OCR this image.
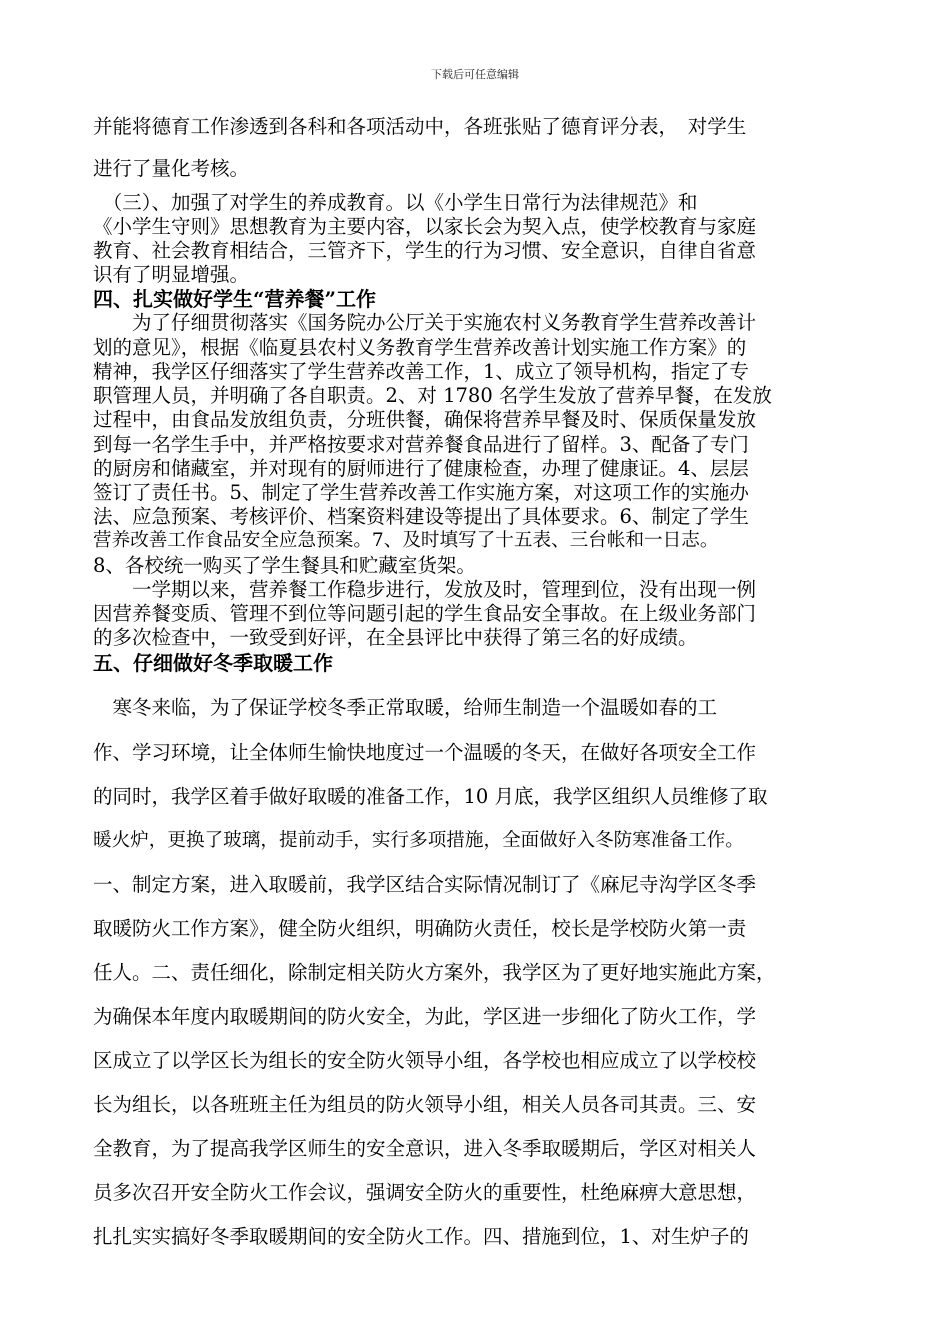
下载后可任意编辑
并能将德育工作渗透到各科和各项活动中，各班张贴了德育评分表，　对学生
进行了量化考核。
　（三）、加强了对学生的养成教育。以《小学生日常行为法律规范》和
《小学生守则》思想教育为主要内容，以家长会为契入点，使学校教育与家庭
教育、社会教育相结合，三管齐下，学生的行为习惯、安全意识，自律自省意
识有了明显增强。
四、扎实做好学生“营养餐”工作
　　为了仔细贯彻落实《国务院办公厅关于实施农村义务教育学生营养改善计
划的意见》，根据《临夏县农村义务教育学生营养改善计划实施工作方案》的
精神，我学区仔细落实了学生营养改善工作，1、成立了领导机构，指定了专
职管理人员，并明确了各自职责。2、对 1780 名学生发放了营养早餐，在发放
过程中，由食品发放组负责，分班供餐，确保将营养早餐及时、保质保量发放
到每一名学生手中，并严格按要求对营养餐食品进行了留样。3、配备了专门
的厨房和储藏室，并对现有的厨师进行了健康检查，办理了健康证。4、层层
签订了责任书。5、制定了学生营养改善工作实施方案，对这项工作的实施办
法、应急预案、考核评价、档案资料建设等提出了具体要求。6、制定了学生
营养改善工作食品安全应急预案。7、及时填写了十五表、三台帐和一日志。
8、各校统一购买了学生餐具和贮藏室货架。
　　一学期以来，营养餐工作稳步进行，发放及时，管理到位，没有出现一例
因营养餐变质、管理不到位等问题引起的学生食品安全事故。在上级业务部门
的多次检查中，一致受到好评，在全县评比中获得了第三名的好成绩。
五、仔细做好冬季取暖工作
　寒冬来临，为了保证学校冬季正常取暖，给师生制造一个温暖如春的工
作、学习环境，让全体师生愉快地度过一个温暖的冬天，在做好各项安全工作
的同时，我学区着手做好取暖的准备工作，10 月底，我学区组织人员维修了取
暖火炉，更换了玻璃，提前动手，实行多项措施，全面做好入冬防寒准备工作。
一、制定方案，进入取暖前，我学区结合实际情况制订了《麻尼寺沟学区冬季
取暖防火工作方案》，健全防火组织，明确防火责任，校长是学校防火第一责
任人。二、责任细化，除制定相关防火方案外，我学区为了更好地实施此方案，
为确保本年度内取暖期间的防火安全，为此，学区进一步细化了防火工作，学
区成立了以学区长为组长的安全防火领导小组，各学校也相应成立了以学校校
长为组长，以各班班主任为组员的防火领导小组，相关人员各司其责。三、安
全教育，为了提高我学区师生的安全意识，进入冬季取暖期后，学区对相关人
员多次召开安全防火工作会议，强调安全防火的重要性，杜绝麻痹大意思想，
扎扎实实搞好冬季取暖期间的安全防火工作。四、措施到位，1、对生炉子的
